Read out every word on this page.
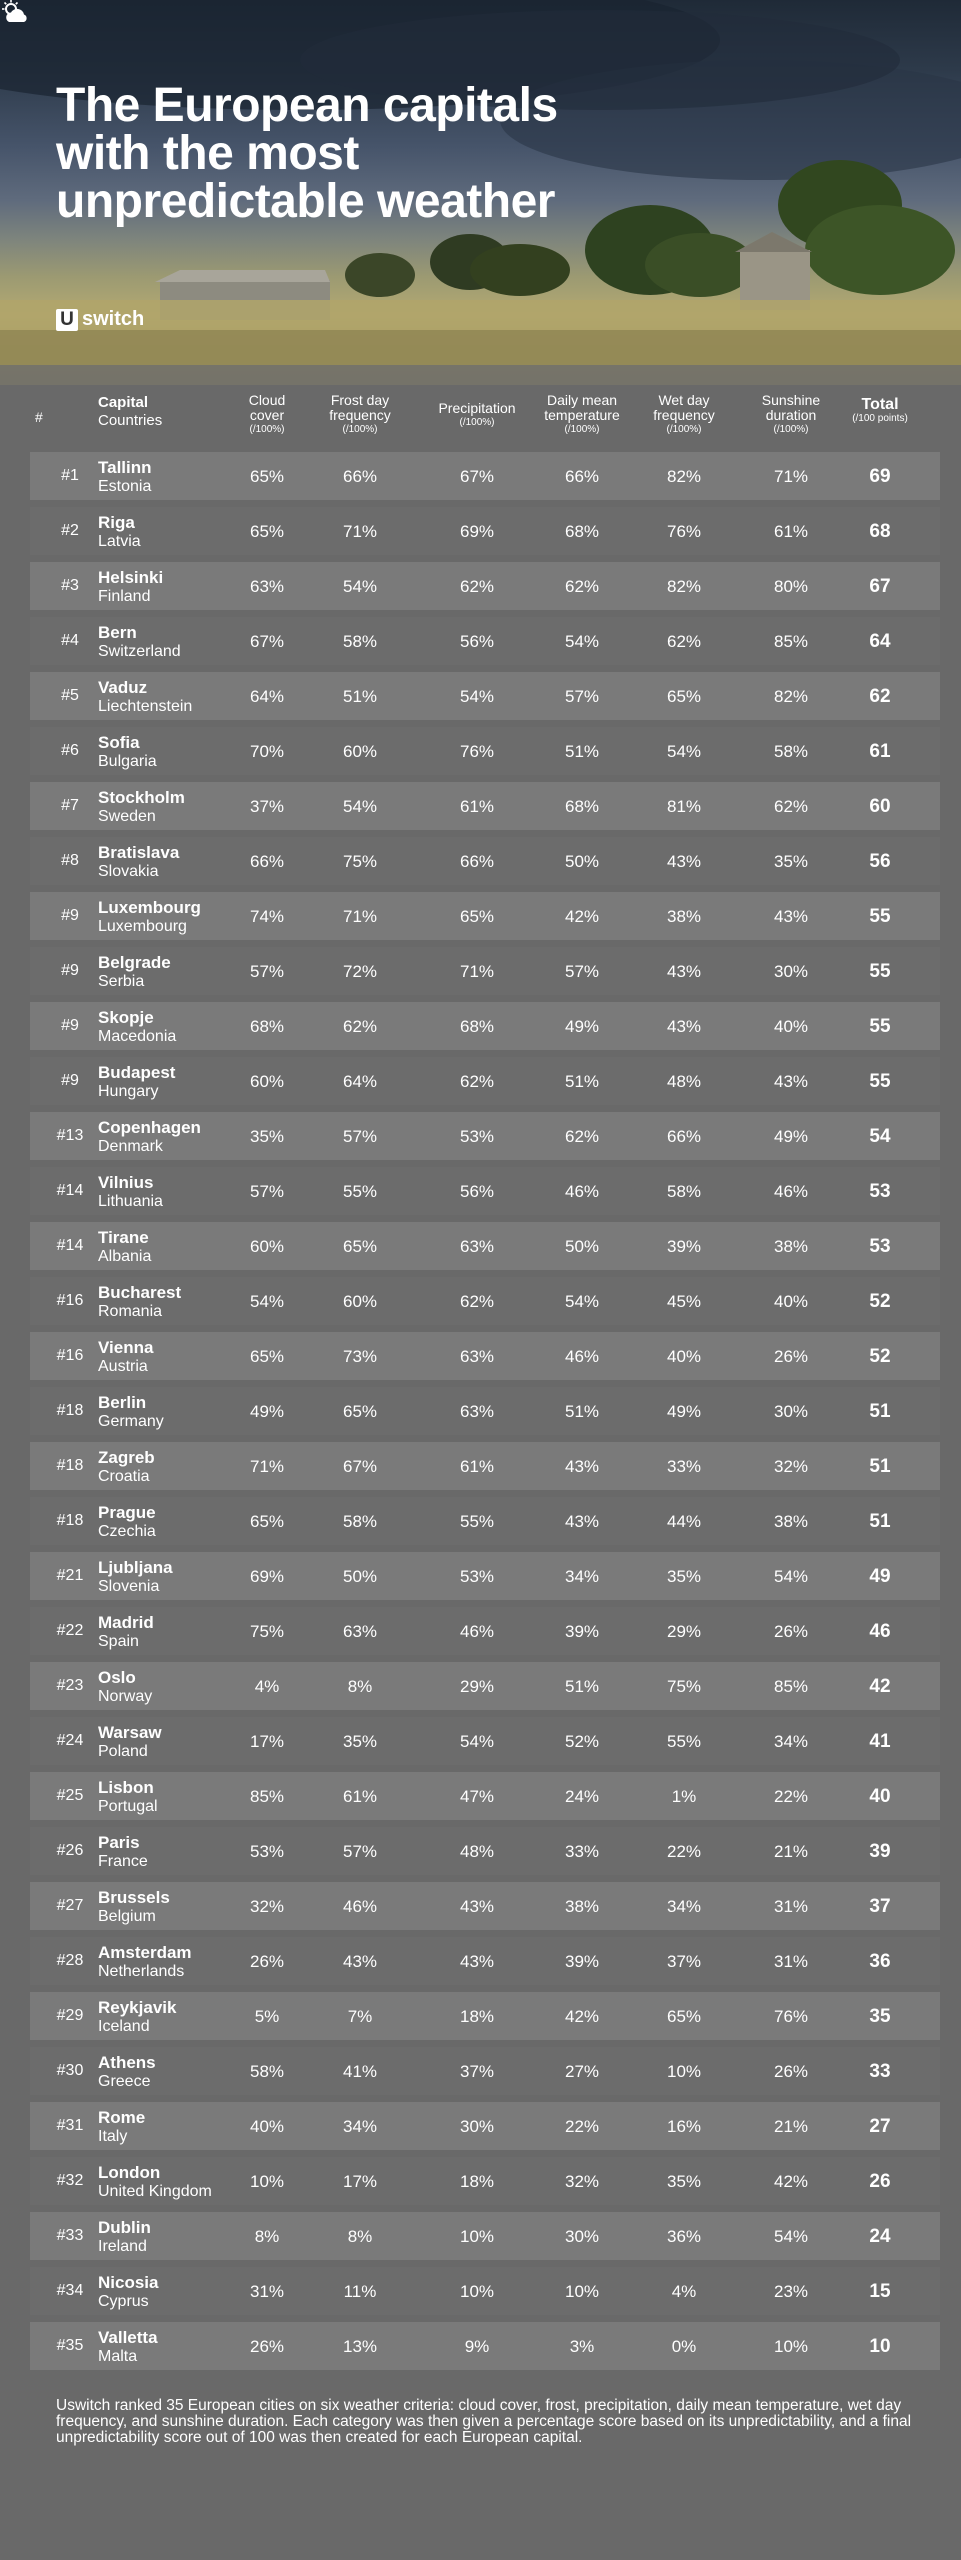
The European capitals with the most unpredictable weather
U switch
#
Capital
Countries
Cloud
cover
(/100%)
Frost day
frequency
(/100%)
Precipitation
(/100%)
Daily mean
temperature
(/100%)
Wet day
frequency
(/100%)
Sunshine
duration
(/100%)
Total
(/100 points)
#1	Tallinn
Estonia
65%	66%	67%	66%	82%	71%	69
#2	Riga
Latvia
65%	71%	69%	68%	76%	61%	68
#3	Helsinki
Finland
63%	54%	62%	62%	82%	80%	67
#4	Bern
Switzerland
67%	58%	56%	54%	62%	85%	64
#5	Vaduz
Liechtenstein
64%	51%	54%	57%	65%	82%	62
#6	Sofia
Bulgaria
70%	60%	76%	51%	54%	58%	61
#7	Stockholm
Sweden
37%	54%	61%	68%	81%	62%	60
#8	Bratislava
Slovakia
66%	75%	66%	50%	43%	35%	56
#9	Luxembourg
Luxembourg
74%	71%	65%	42%	38%	43%	55
#9	Belgrade
Serbia
57%	72%	71%	57%	43%	30%	55
#9	Skopje
Macedonia
68%	62%	68%	49%	43%	40%	55
#9	Budapest
Hungary
60%	64%	62%	51%	48%	43%	55
#13 Copenhagen
Denmark
35%	57%	53%	62%	66%	49%	54
#14 Vilnius
Lithuania
57%	55%	56%	46%	58%	46%	53
#14 Tirane
Albania
60%	65%	63%	50%	39%	38%	53
#16 Bucharest
Romania
54%	60%	62%	54%	45%	40%	52
#16 Vienna
Austria
65%	73%	63%	46%	40%	26%	52
#18 Berlin
Germany
49%	65%	63%	51%	49%	30%	51
#18 Zagreb
Croatia
71%	67%	61%	43%	33%	32%	51
#18 Prague
Czechia
65%	58%	55%	43%	44%	38%	51
#21 Ljubljana
Slovenia
69%	50%	53%	34%	35%	54%	49
#22 Madrid
Spain
75%	63%	46%	39%	29%	26%	46
#23 Oslo
Norway
4%	8%	29%	51%	75%	85%	42
#24 Warsaw
Poland
17%	35%	54%	52%	55%	34%	41
#25 Lisbon
Portugal
85%	61%	47%	24%	1%	22%	40
#26 Paris
France
53%	57%	48%	33%	22%	21%	39
#27 Brussels
Belgium
32%	46%	43%	38%	34%	31%	37
#28 Amsterdam
Netherlands
26%	43%	43%	39%	37%	31%	36
#29 Reykjavik
Iceland
5%	7%	18%	42%	65%	76%	35
#30 Athens
Greece
58%	41%	37%	27%	10%	26%	33
#31 Rome
Italy
40%	34%	30%	22%	16%	21%	27
#32 London
United Kingdom
10%	17%	18%	32%	35%	42%	26
#33 Dublin
Ireland
8%	8%	10%	30%	36%	54%	24
#34 Nicosia
Cyprus
31%	11%	10%	10%	4%	23%	15
#35 Valletta
Malta
26%	13%	9%	3%	0%	10%	10

Uswitch ranked 35 European cities on six weather criteria: cloud cover, frost, precipitation, daily mean temperature, wet day frequency, and sunshine duration. Each category was then given a percentage score based on its unpredictability, and a final unpredictability score out of 100 was then created for each European capital.
